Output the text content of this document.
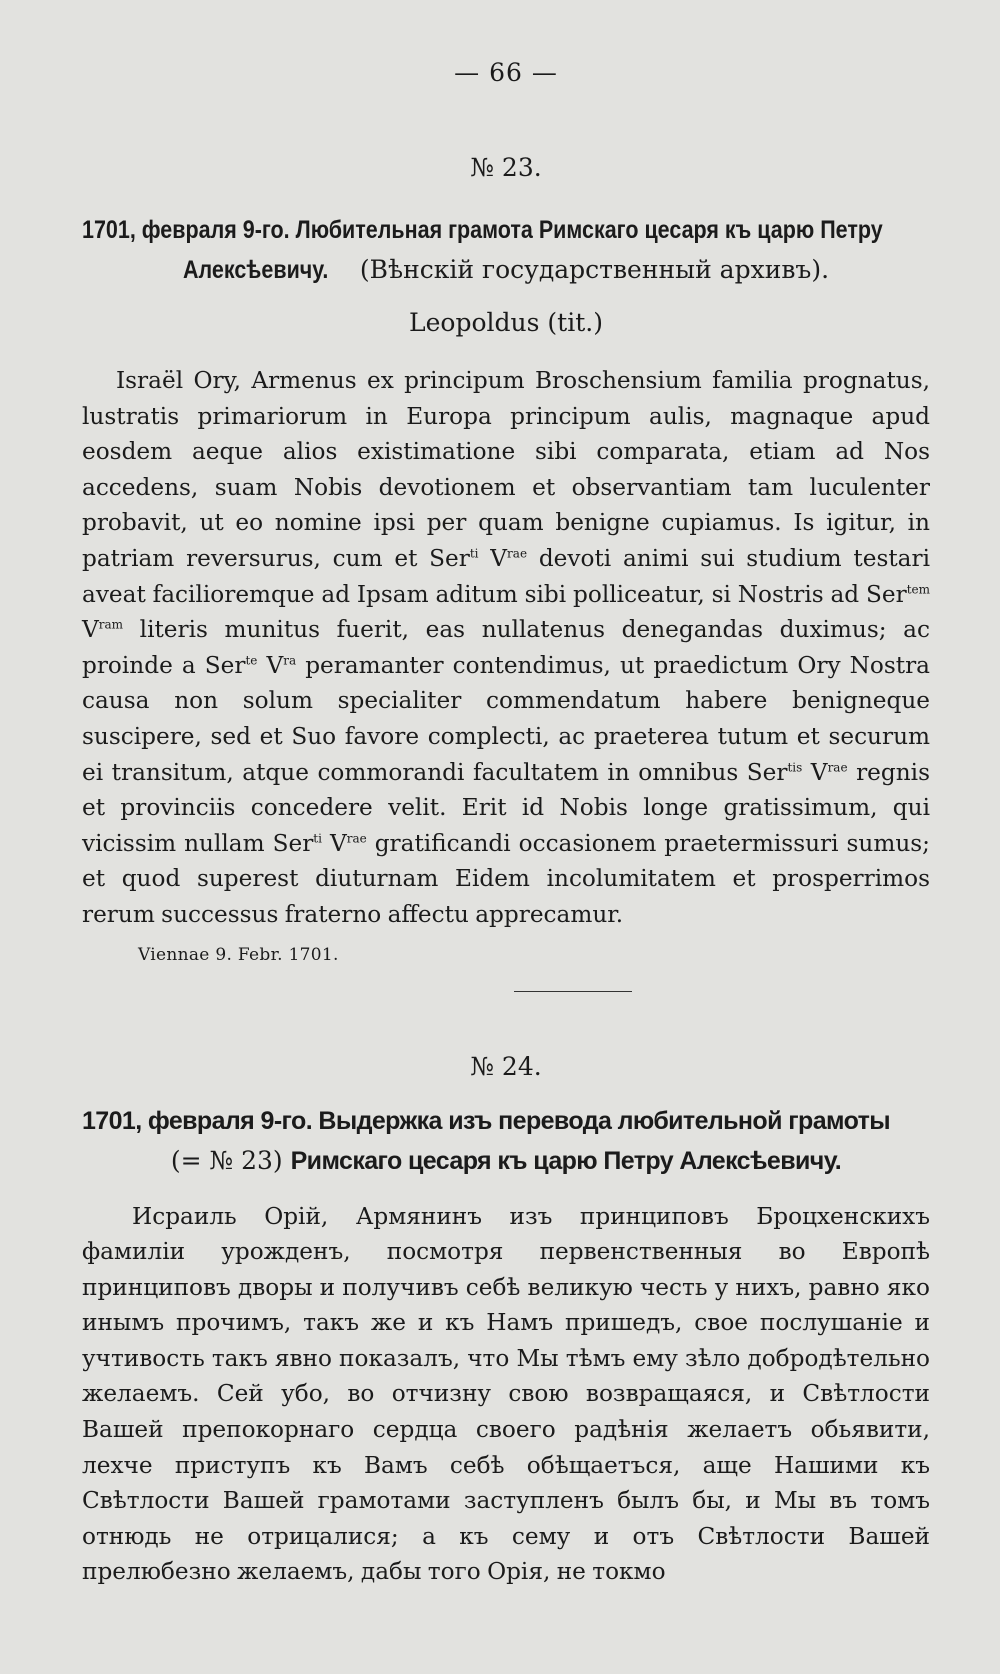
— 66 —
№ 23.
1701, февраля 9-го. Любительная грамота Римскаго цесаря къ царю Петру
Алексѣевичу. (Вѣнскій государственный архивъ).
Leopoldus (tit.)

Israël Ory, Armenus ex principum Broschensium familia prognatus, lustratis primariorum in Europa principum aulis, magnaque apud eosdem aeque alios existimatione sibi comparata, etiam ad Nos accedens, suam Nobis devotionem et observantiam tam luculenter probavit, ut eo nomine ipsi per quam benigne cupiamus. Is igitur, in patriam reversurus, cum et Ser$^{ti}$ $V^{rae}$ devoti animi sui studium testari aveat facilioremque ad Ipsam aditum sibi polliceatur, si Nostris ad Ser$^{tem}$ $V^{ram}$ literis munitus fuerit, eas nullatenus denegandas duximus; ac proinde a Ser$^{te}$ $V^{ra}$ peramanter contendimus, ut praedictum Ory Nostra causa non solum specialiter commendatum habere benigneque suscipere, sed et Suo favore complecti, ac praeterea tutum et securum ei transitum, atque commorandi facultatem in omnibus Ser$^{tis}$ $V^{rae}$ regnis et provinciis concedere velit. Erit id Nobis longe gratissimum, qui vicissim nullam Ser$^{ti}$ $V^{rae}$ gratificandi occasionem praetermissuri sumus; et quod superest diuturnam Eidem incolumitatem et prosperrimos rerum successus fraterno affectu apprecamur.

Viennae 9. Febr. 1701.
№ 24.
1701, февраля 9-го. Выдержка изъ перевода любительной грамоты
(= № 23) Римскаго цесаря къ царю Петру Алексѣевичу.

Исраиль Орій, Армянинъ изъ принциповъ Броцхенскихъ фамиліи урожденъ, посмотря первенственныя во Европѣ принциповъ дворы и получивъ себѣ великую честь у нихъ, равно яко инымъ прочимъ, такъ же и къ Намъ пришедъ, свое послушаніе и учтивость такъ явно показалъ, что Мы тѣмъ ему зѣло добродѣтельно желаемъ. Сей убо, во отчизну свою возвращаяся, и Свѣтлости Вашей препокорнаго сердца своего радѣнія желаетъ обьявити, лехче приступъ къ Вамъ себѣ обѣщаетъся, аще Нашими къ Свѣтлости Вашей грамотами заступленъ былъ бы, и Мы въ томъ отнюдь не отрицалися; а къ сему и отъ Свѣтлости Вашей прелюбезно желаемъ, дабы того Орія, не токмо
